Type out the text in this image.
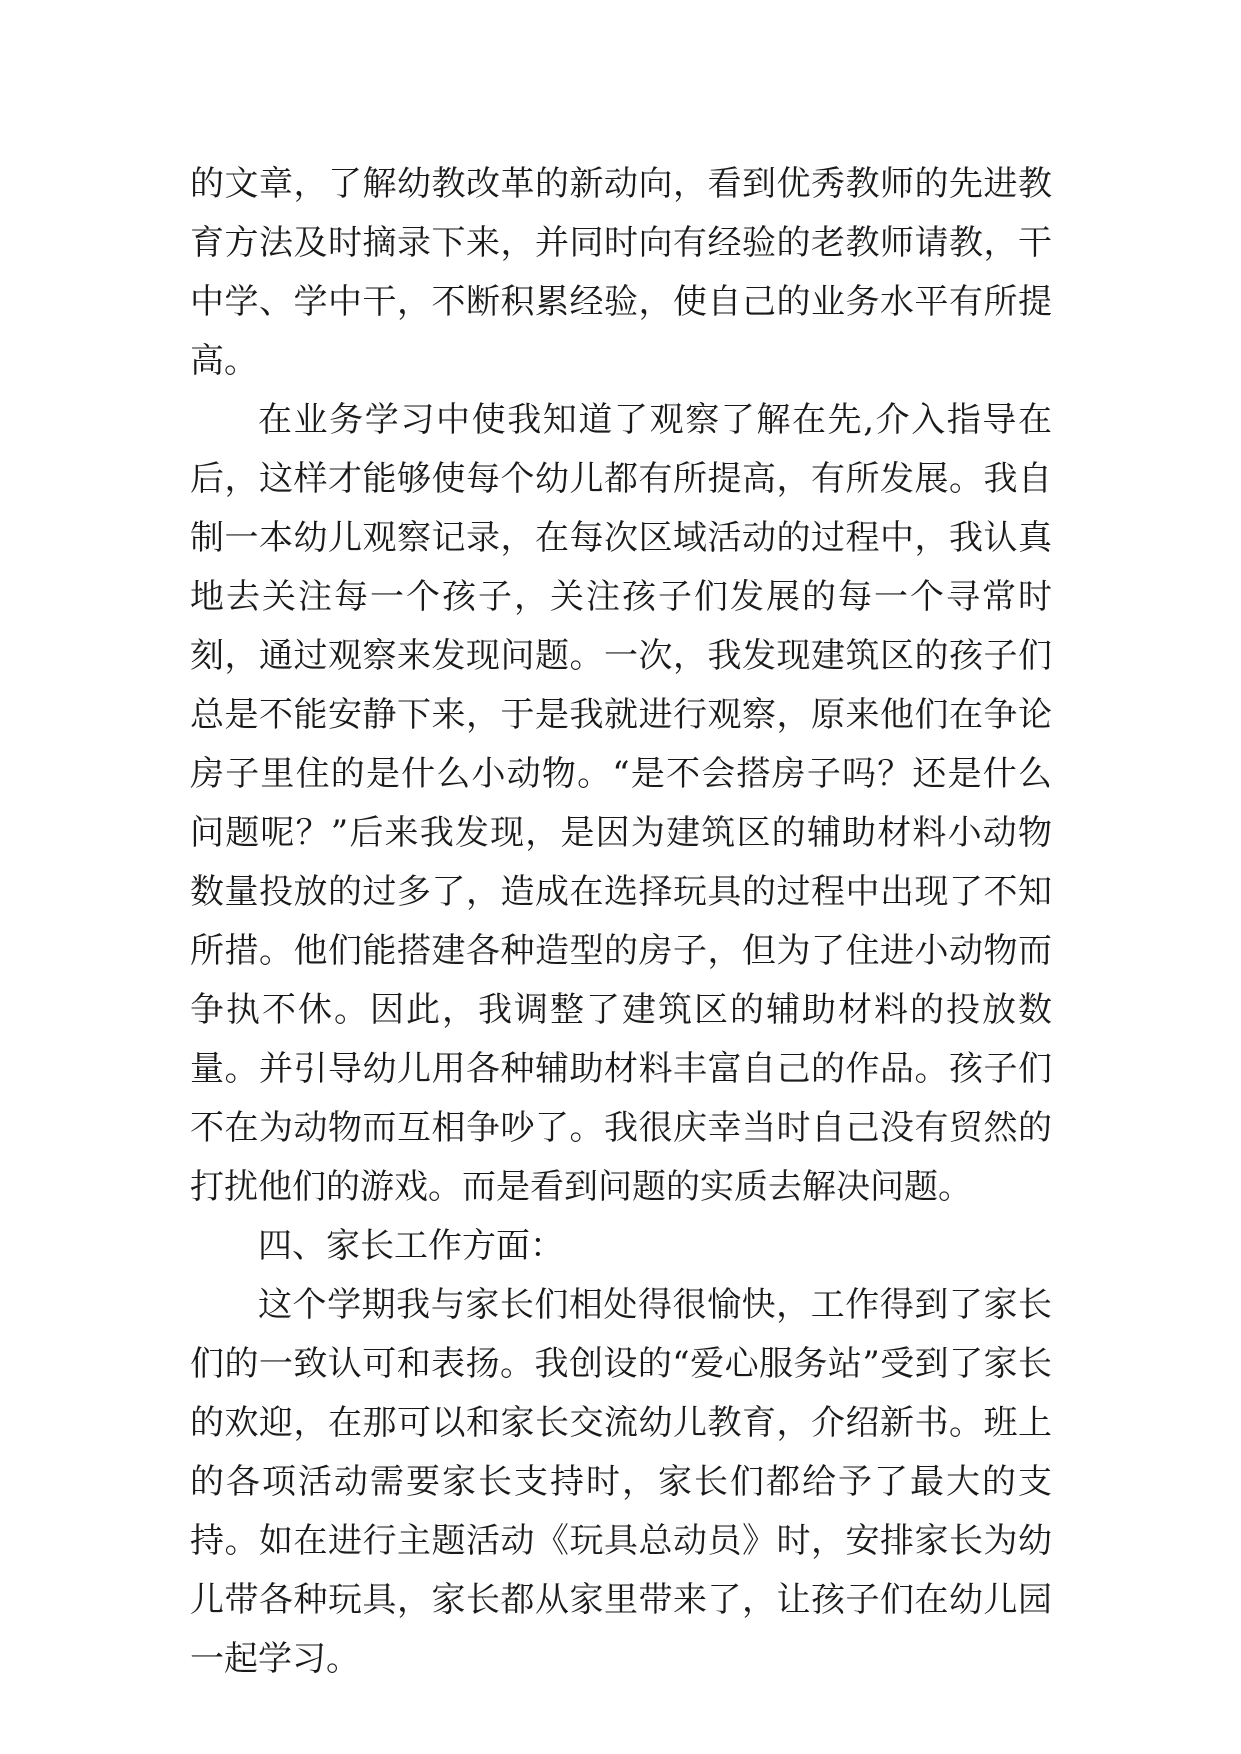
的文章，了解幼教改革的新动向，看到优秀教师的先进教育方法及时摘录下来，并同时向有经验的老教师请教，干中学、学中干，不断积累经验，使自己的业务水平有所提高。

在业务学习中使我知道了观察了解在先,介入指导在后，这样才能够使每个幼儿都有所提高，有所发展。我自制一本幼儿观察记录，在每次区域活动的过程中，我认真地去关注每一个孩子，关注孩子们发展的每一个寻常时刻，通过观察来发现问题。一次，我发现建筑区的孩子们总是不能安静下来，于是我就进行观察，原来他们在争论房子里住的是什么小动物。“是不会搭房子吗？还是什么问题呢？”后来我发现，是因为建筑区的辅助材料小动物数量投放的过多了，造成在选择玩具的过程中出现了不知所措。他们能搭建各种造型的房子，但为了住进小动物而争执不休。因此，我调整了建筑区的辅助材料的投放数量。并引导幼儿用各种辅助材料丰富自己的作品。孩子们不在为动物而互相争吵了。我很庆幸当时自己没有贸然的打扰他们的游戏。而是看到问题的实质去解决问题。

四、家长工作方面：

这个学期我与家长们相处得很愉快，工作得到了家长们的一致认可和表扬。我创设的“爱心服务站”受到了家长的欢迎，在那可以和家长交流幼儿教育，介绍新书。班上的各项活动需要家长支持时，家长们都给予了最大的支持。如在进行主题活动《玩具总动员》时，安排家长为幼儿带各种玩具，家长都从家里带来了，让孩子们在幼儿园一起学习。
